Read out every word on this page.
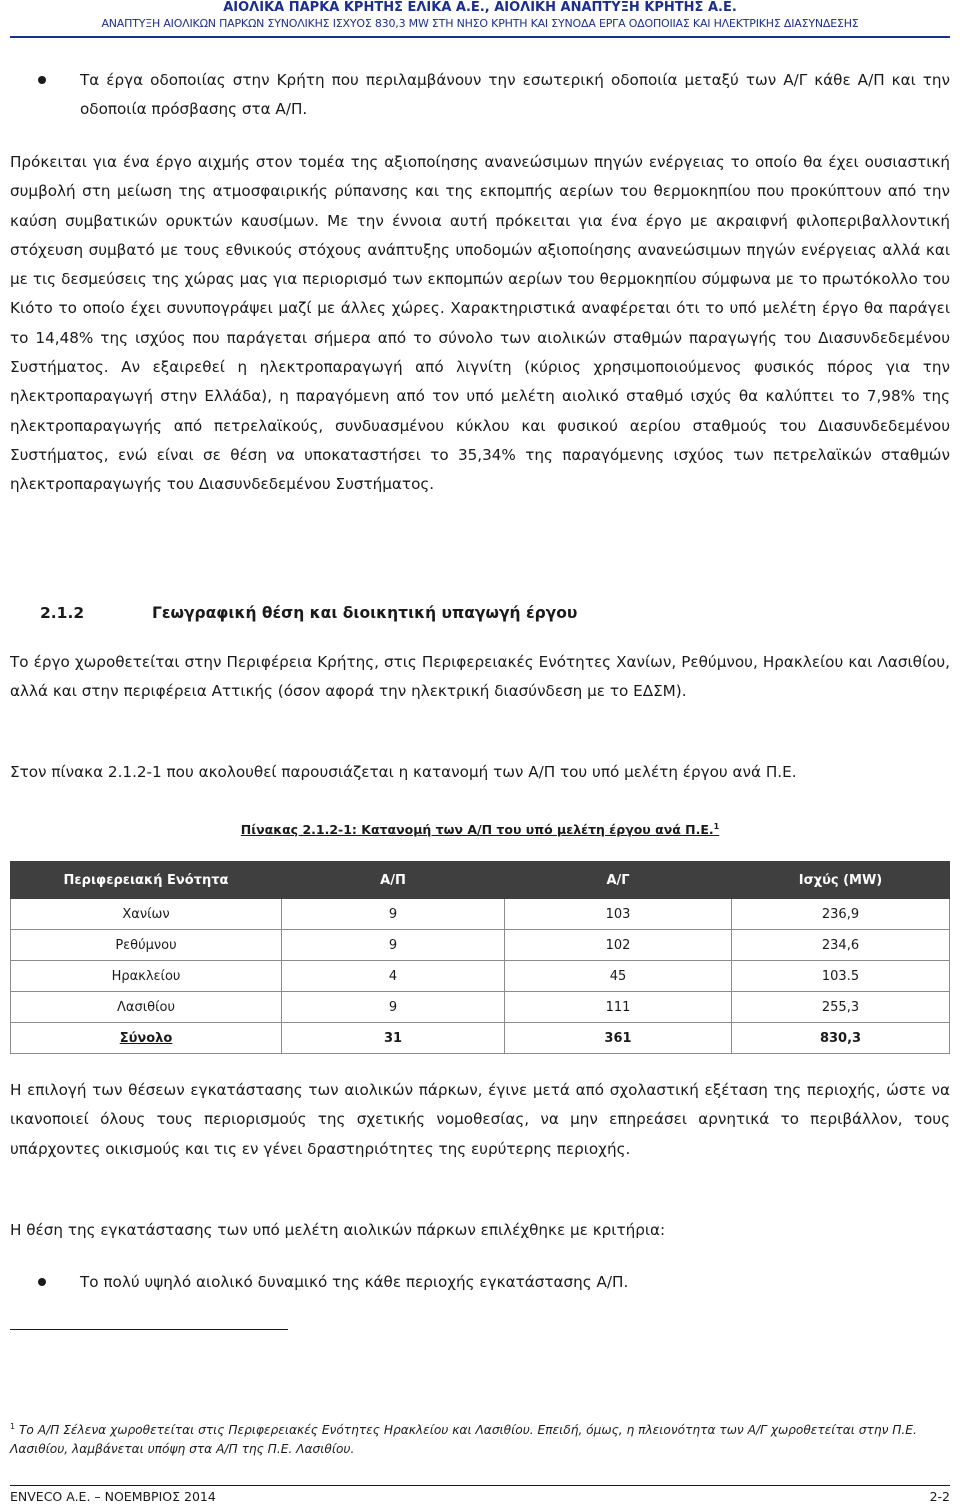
ΑΙΟΛΙΚΑ ΠΑΡΚΑ ΚΡΗΤΗΣ ΕΛΙΚΑ Α.Ε., ΑΙΟΛΙΚΗ ΑΝΑΠΤΥΞΗ ΚΡΗΤΗΣ Α.Ε.
ΑΝΑΠΤΥΞΗ ΑΙΟΛΙΚΩΝ ΠΑΡΚΩΝ ΣΥΝΟΛΙΚΗΣ ΙΣΧΥΟΣ 830,3 MW ΣΤΗ ΝΗΣΟ ΚΡΗΤΗ ΚΑΙ ΣΥΝΟΔΑ ΕΡΓΑ ΟΔΟΠΟΙΙΑΣ ΚΑΙ ΗΛΕΚΤΡΙΚΗΣ ΔΙΑΣΥΝΔΕΣΗΣ

Τα έργα οδοποιίας στην Κρήτη που περιλαμβάνουν την εσωτερική οδοποιία μεταξύ των Α/Γ κάθε Α/Π και την οδοποιία πρόσβασης στα Α/Π.

Πρόκειται για ένα έργο αιχμής στον τομέα της αξιοποίησης ανανεώσιμων πηγών ενέργειας το οποίο θα έχει ουσιαστική συμβολή στη μείωση της ατμοσφαιρικής ρύπανσης και της εκπομπής αερίων του θερμοκηπίου που προκύπτουν από την καύση συμβατικών ορυκτών καυσίμων. Με την έννοια αυτή πρόκειται για ένα έργο με ακραιφνή φιλοπεριβαλλοντική στόχευση συμβατό με τους εθνικούς στόχους ανάπτυξης υποδομών αξιοποίησης ανανεώσιμων πηγών ενέργειας αλλά και με τις δεσμεύσεις της χώρας μας για περιορισμό των εκπομπών αερίων του θερμοκηπίου σύμφωνα με το πρωτόκολλο του Κιότο το οποίο έχει συνυπογράψει μαζί με άλλες χώρες. Χαρακτηριστικά αναφέρεται ότι το υπό μελέτη έργο θα παράγει το 14,48% της ισχύος που παράγεται σήμερα από το σύνολο των αιολικών σταθμών παραγωγής του Διασυνδεδεμένου Συστήματος. Αν εξαιρεθεί η ηλεκτροπαραγωγή από λιγνίτη (κύριος χρησιμοποιούμενος φυσικός πόρος για την ηλεκτροπαραγωγή στην Ελλάδα), η παραγόμενη από τον υπό μελέτη αιολικό σταθμό ισχύς θα καλύπτει το 7,98% της ηλεκτροπαραγωγής από πετρελαϊκούς, συνδυασμένου κύκλου και φυσικού αερίου σταθμούς του Διασυνδεδεμένου Συστήματος, ενώ είναι σε θέση να υποκαταστήσει το 35,34% της παραγόμενης ισχύος των πετρελαϊκών σταθμών ηλεκτροπαραγωγής του Διασυνδεδεμένου Συστήματος.

2.1.2	Γεωγραφική θέση και διοικητική υπαγωγή έργου

Το έργο χωροθετείται στην Περιφέρεια Κρήτης, στις Περιφερειακές Ενότητες Χανίων, Ρεθύμνου, Ηρακλείου και Λασιθίου, αλλά και στην περιφέρεια Αττικής (όσον αφορά την ηλεκτρική διασύνδεση με το ΕΔΣΜ).

Στον πίνακα 2.1.2-1 που ακολουθεί παρουσιάζεται η κατανομή των Α/Π του υπό μελέτη έργου ανά Π.Ε.

Πίνακας 2.1.2-1: Κατανομή των Α/Π του υπό μελέτη έργου ανά Π.Ε.$^1$
Περιφερειακή Ενότητα	Α/Π	Α/Γ	Ισχύς (MW)
Χανίων	9	103	236,9
Ρεθύμνου	9	102	234,6
Ηρακλείου	4	45	103.5
Λασιθίου	9	111	255,3
Σύνολο	31	361	830,3

Η επιλογή των θέσεων εγκατάστασης των αιολικών πάρκων, έγινε μετά από σχολαστική εξέταση της περιοχής, ώστε να ικανοποιεί όλους τους περιορισμούς της σχετικής νομοθεσίας, να μην επηρεάσει αρνητικά το περιβάλλον, τους υπάρχοντες οικισμούς και τις εν γένει δραστηριότητες της ευρύτερης περιοχής.

Η θέση της εγκατάστασης των υπό μελέτη αιολικών πάρκων επιλέχθηκε με κριτήρια:

Το πολύ υψηλό αιολικό δυναμικό της κάθε περιοχής εγκατάστασης Α/Π.

$^1$ Το Α/Π Σέλενα χωροθετείται στις Περιφερειακές Ενότητες Ηρακλείου και Λασιθίου. Επειδή, όμως, η πλειονότητα των Α/Γ χωροθετείται στην Π.Ε. Λασιθίου, λαμβάνεται υπόψη στα Α/Π της Π.Ε. Λασιθίου.

ENVECO A.E. – ΝΟΕΜΒΡΙΟΣ 2014	2-2
